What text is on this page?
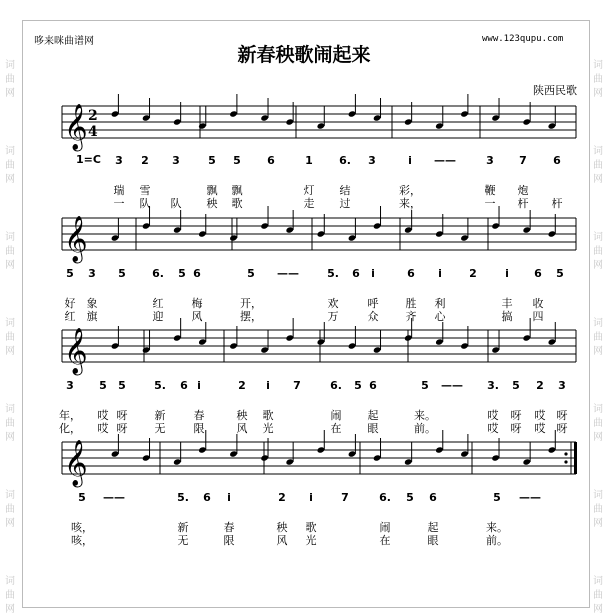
词
曲
网
词
曲
网
词
曲
网
词
曲
网
词
曲
网
词
曲
网
词
曲
网
词
曲
网
词
曲
网
词
曲
网
词
曲
网
词
曲
网
词
曲
网
词
曲
网
哆来咪曲谱网	www.123qupu.com
新春秧歌闹起来
陕西民歌
1=C
𝄞 2
4
𝄞
𝄞
𝄞
3 2 3	5 5 6	1 6. 3	i ——	3 7 6
瑞 雪	飘 飘	灯 结	彩，	鞭 炮
一 队 队 秧 歌	走 过	来，	一 杆 杆
5 3 5 6. 5 6	5 ——	5. 6 i	6 i 2	i 6 5
好 象	红	梅	开，	欢	呼 胜 利	丰 收
红 旗	迎	风	摆，	万	众 齐 心	搞 四
3 5 5	5. 6 i	2 i 7	6. 5 6	5 —— 3. 5 2 3
年， 哎 呀 新	春	秧 歌	闹 起	来。	哎 呀 哎 呀
化， 哎 呀 无	限	风 光	在 眼	前。	哎 呀 哎 呀
5 ——	5. 6 i	2 i	7	6. 5 6	5 ——
咳，	新	春	秧 歌	闹	起	来。
咳，	无	限	风 光	在	眼	前。
